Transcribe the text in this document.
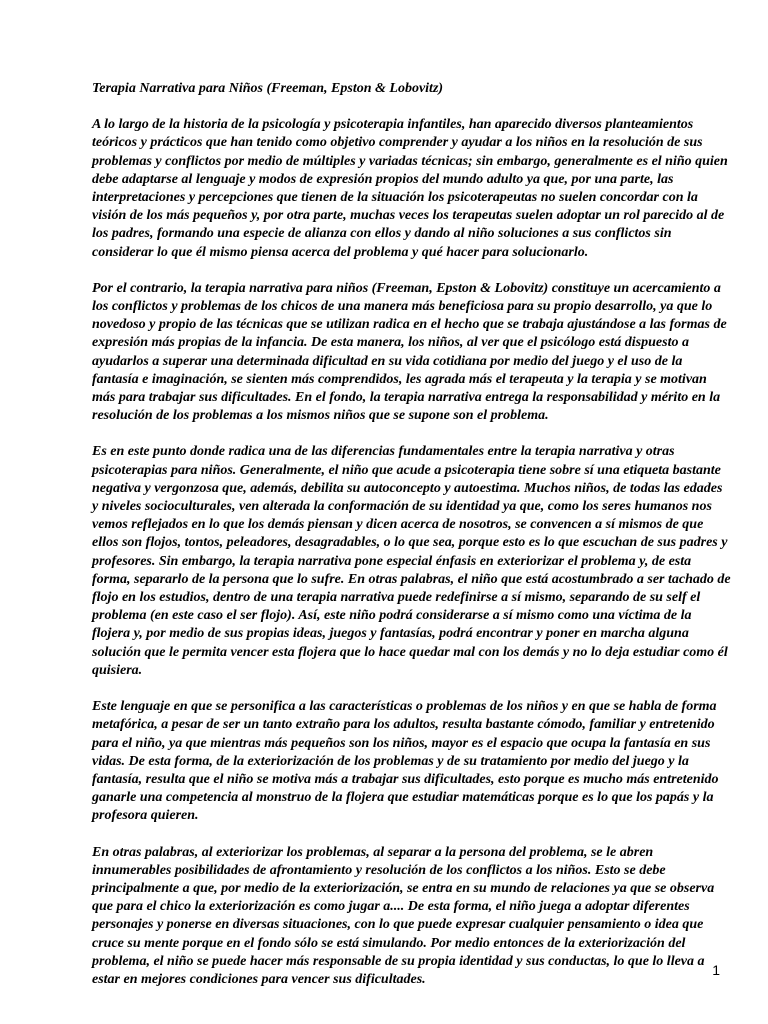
Terapia Narrativa para Niños (Freeman, Epston & Lobovitz)

A lo largo de la historia de la psicología y psicoterapia infantiles, han aparecido diversos planteamientos teóricos y prácticos que han tenido como objetivo comprender y ayudar a los niños en la resolución de sus problemas y conflictos por medio de múltiples y variadas técnicas; sin embargo, generalmente es el niño quien debe adaptarse al lenguaje y modos de expresión propios del mundo adulto ya que, por una parte, las interpretaciones y percepciones que tienen de la situación los psicoterapeutas no suelen concordar con la visión de los más pequeños y, por otra parte, muchas veces los terapeutas suelen adoptar un rol parecido al de los padres, formando una especie de alianza con ellos y dando al niño soluciones a sus conflictos sin considerar lo que él mismo piensa acerca del problema y qué hacer para solucionarlo.

Por el contrario, la terapia narrativa para niños (Freeman, Epston & Lobovitz) constituye un acercamiento a los conflictos y problemas de los chicos de una manera más beneficiosa para su propio desarrollo, ya que lo novedoso y propio de las técnicas que se utilizan radica en el hecho que se trabaja ajustándose a las formas de expresión más propias de la infancia. De esta manera, los niños, al ver que el psicólogo está dispuesto a ayudarlos a superar una determinada dificultad en su vida cotidiana por medio del juego y el uso de la fantasía e imaginación, se sienten más comprendidos, les agrada más el terapeuta y la terapia y se motivan más para trabajar sus dificultades. En el fondo, la terapia narrativa entrega la responsabilidad y mérito en la resolución de los problemas a los mismos niños que se supone son el problema.

Es en este punto donde radica una de las diferencias fundamentales entre la terapia narrativa y otras psicoterapias para niños. Generalmente, el niño que acude a psicoterapia tiene sobre sí una etiqueta bastante negativa y vergonzosa que, además, debilita su autoconcepto y autoestima. Muchos niños, de todas las edades y niveles socioculturales, ven alterada la conformación de su identidad ya que, como los seres humanos nos vemos reflejados en lo que los demás piensan y dicen acerca de nosotros, se convencen a sí mismos de que ellos son flojos, tontos, peleadores, desagradables, o lo que sea, porque esto es lo que escuchan de sus padres y profesores. Sin embargo, la terapia narrativa pone especial énfasis en exteriorizar el problema y, de esta forma, separarlo de la persona que lo sufre. En otras palabras, el niño que está acostumbrado a ser tachado de flojo en los estudios, dentro de una terapia narrativa puede redefinirse a sí mismo, separando de su self el problema (en este caso el ser flojo). Así, este niño podrá considerarse a sí mismo como una víctima de la flojera y, por medio de sus propias ideas, juegos y fantasías, podrá encontrar y poner en marcha alguna solución que le permita vencer esta flojera que lo hace quedar mal con los demás y no lo deja estudiar como él quisiera.

Este lenguaje en que se personifica a las características o problemas de los niños y en que se habla de forma metafórica, a pesar de ser un tanto extraño para los adultos, resulta bastante cómodo, familiar y entretenido para el niño, ya que mientras más pequeños son los niños, mayor es el espacio que ocupa la fantasía en sus vidas. De esta forma, de la exteriorización de los problemas y de su tratamiento por medio del juego y la fantasía, resulta que el niño se motiva más a trabajar sus dificultades, esto porque es mucho más entretenido ganarle una competencia al monstruo de la flojera que estudiar matemáticas porque es lo que los papás y la profesora quieren.

En otras palabras, al exteriorizar los problemas, al separar a la persona del problema, se le abren innumerables posibilidades de afrontamiento y resolución de los conflictos a los niños. Esto se debe principalmente a que, por medio de la exteriorización, se entra en su mundo de relaciones ya que se observa que para el chico la exteriorización es como jugar a.... De esta forma, el niño juega a adoptar diferentes personajes y ponerse en diversas situaciones, con lo que puede expresar cualquier pensamiento o idea que cruce su mente porque en el fondo sólo se está simulando. Por medio entonces de la exteriorización del problema, el niño se puede hacer más responsable de su propia identidad y sus conductas, lo que lo lleva a estar en mejores condiciones para vencer sus dificultades.

1
